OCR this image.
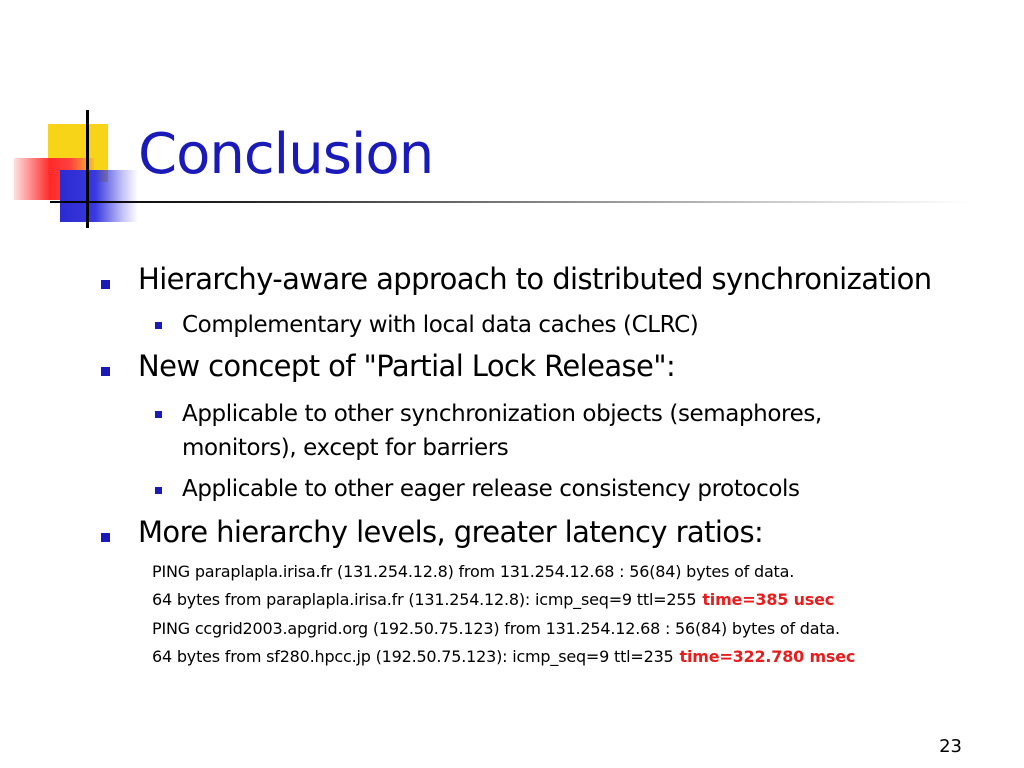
Conclusion
Hierarchy-aware approach to distributed synchronization
Complementary with local data caches (CLRC)
New concept of "Partial Lock Release":
Applicable to other synchronization objects (semaphores, monitors), except for barriers
Applicable to other eager release consistency protocols
More hierarchy levels, greater latency ratios:
PING paraplapla.irisa.fr (131.254.12.8) from 131.254.12.68 : 56(84) bytes of data.
64 bytes from paraplapla.irisa.fr (131.254.12.8): icmp_seq=9 ttl=255 time=385 usec
PING ccgrid2003.apgrid.org (192.50.75.123) from 131.254.12.68 : 56(84) bytes of data.
64 bytes from sf280.hpcc.jp (192.50.75.123): icmp_seq=9 ttl=235 time=322.780 msec
23
